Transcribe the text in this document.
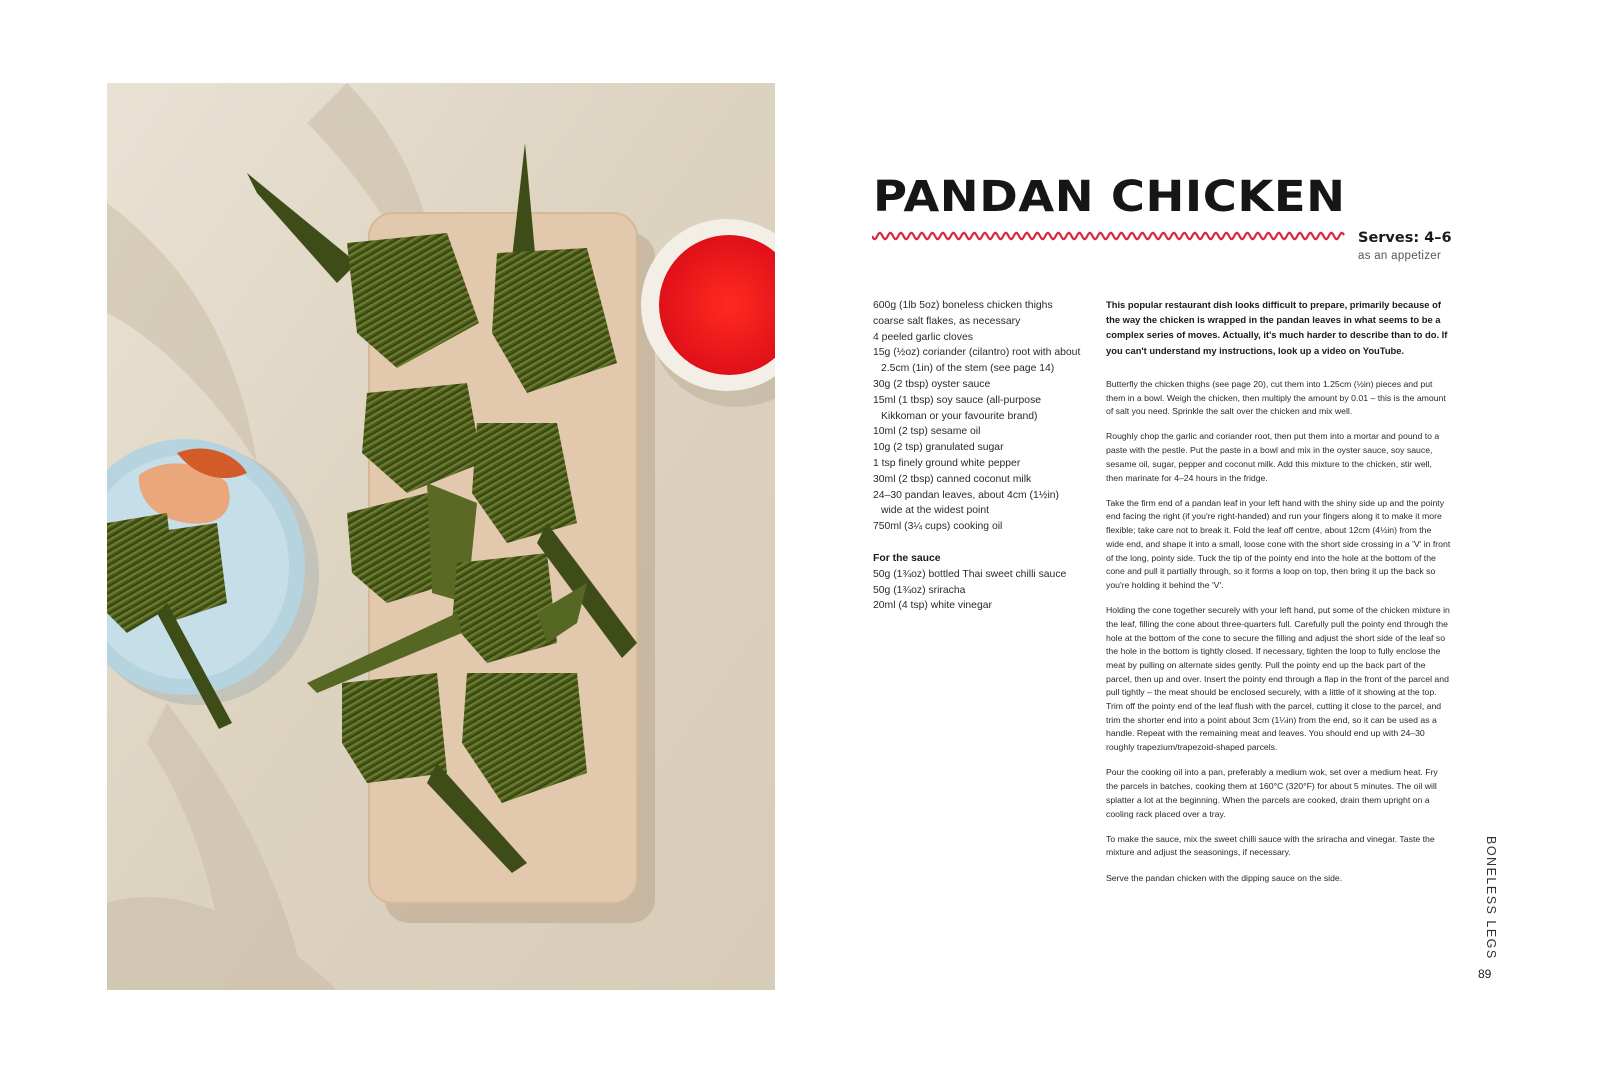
PANDAN CHICKEN

Serves: 4–6

as an appetizer

600g (1lb 5oz) boneless chicken thighs
coarse salt flakes, as necessary
4 peeled garlic cloves
15g (½oz) coriander (cilantro) root with about 2.5cm (1in) of the stem (see page 14)
30g (2 tbsp) oyster sauce
15ml (1 tbsp) soy sauce (all-purpose Kikkoman or your favourite brand)
10ml (2 tsp) sesame oil
10g (2 tsp) granulated sugar
1 tsp finely ground white pepper
30ml (2 tbsp) canned coconut milk
24–30 pandan leaves, about 4cm (1½in) wide at the widest point
750ml (3¼ cups) cooking oil

For the sauce

50g (1¾oz) bottled Thai sweet chilli sauce
50g (1¾oz) sriracha
20ml (4 tsp) white vinegar

This popular restaurant dish looks difficult to prepare, primarily because of the way the chicken is wrapped in the pandan leaves in what seems to be a complex series of moves. Actually, it's much harder to describe than to do. If you can't understand my instructions, look up a video on YouTube.

Butterfly the chicken thighs (see page 20), cut them into 1.25cm (½in) pieces and put them in a bowl. Weigh the chicken, then multiply the amount by 0.01 – this is the amount of salt you need. Sprinkle the salt over the chicken and mix well.

Roughly chop the garlic and coriander root, then put them into a mortar and pound to a paste with the pestle. Put the paste in a bowl and mix in the oyster sauce, soy sauce, sesame oil, sugar, pepper and coconut milk. Add this mixture to the chicken, stir well, then marinate for 4–24 hours in the fridge.

Take the firm end of a pandan leaf in your left hand with the shiny side up and the pointy end facing the right (if you're right-handed) and run your fingers along it to make it more flexible; take care not to break it. Fold the leaf off centre, about 12cm (4½in) from the wide end, and shape it into a small, loose cone with the short side crossing in a 'V' in front of the long, pointy side. Tuck the tip of the pointy end into the hole at the bottom of the cone and pull it partially through, so it forms a loop on top, then bring it up the back so you're holding it behind the 'V'.

Holding the cone together securely with your left hand, put some of the chicken mixture in the leaf, filling the cone about three-quarters full. Carefully pull the pointy end through the hole at the bottom of the cone to secure the filling and adjust the short side of the leaf so the hole in the bottom is tightly closed. If necessary, tighten the loop to fully enclose the meat by pulling on alternate sides gently. Pull the pointy end up the back part of the parcel, then up and over. Insert the pointy end through a flap in the front of the parcel and pull tightly – the meat should be enclosed securely, with a little of it showing at the top. Trim off the pointy end of the leaf flush with the parcel, cutting it close to the parcel, and trim the shorter end into a point about 3cm (1¼in) from the end, so it can be used as a handle. Repeat with the remaining meat and leaves. You should end up with 24–30 roughly trapezium/trapezoid-shaped parcels.

Pour the cooking oil into a pan, preferably a medium wok, set over a medium heat. Fry the parcels in batches, cooking them at 160°C (320°F) for about 5 minutes. The oil will splatter a lot at the beginning. When the parcels are cooked, drain them upright on a cooling rack placed over a tray.

To make the sauce, mix the sweet chilli sauce with the sriracha and vinegar. Taste the mixture and adjust the seasonings, if necessary.

Serve the pandan chicken with the dipping sauce on the side.	BONELESS LEGS
89
